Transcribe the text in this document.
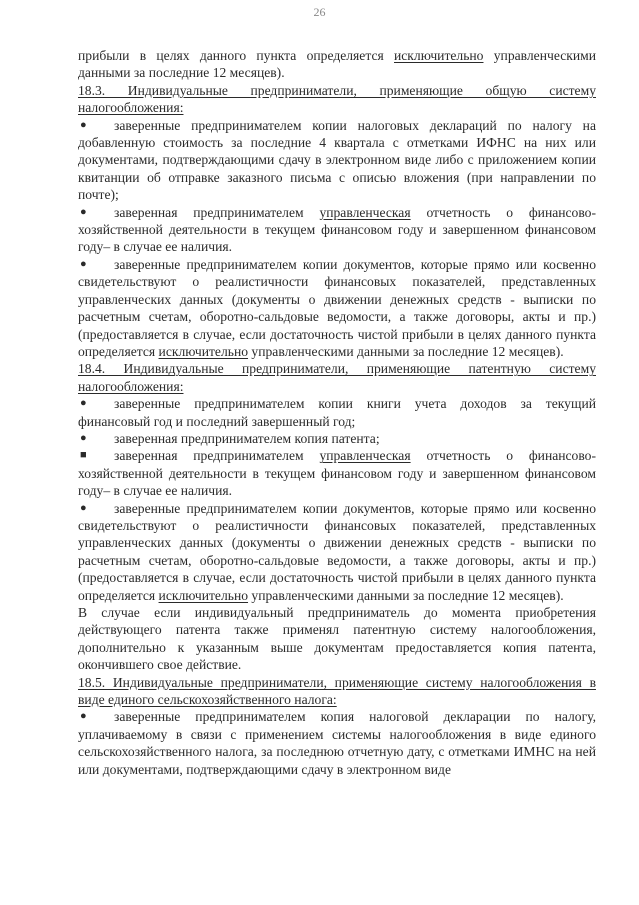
26

прибыли в целях данного пункта определяется исключительно управленческими данными за последние 12 месяцев).

18.3. Индивидуальные предприниматели, применяющие общую систему налогообложения:

● заверенные предпринимателем копии налоговых деклараций по налогу на добавленную стоимость за последние 4 квартала с отметками ИФНС на них или документами, подтверждающими сдачу в электронном виде либо с приложением копии квитанции об отправке заказного письма с описью вложения (при направлении по почте);

● заверенная предпринимателем управленческая отчетность о финансово-хозяйственной деятельности в текущем финансовом году и завершенном финансовом году– в случае ее наличия.

● заверенные предпринимателем копии документов, которые прямо или косвенно свидетельствуют о реалистичности финансовых показателей, представленных управленческих данных (документы о движении денежных средств - выписки по расчетным счетам, оборотно-сальдовые ведомости, а также договоры, акты и пр.) (предоставляется в случае, если достаточность чистой прибыли в целях данного пункта определяется исключительно управленческими данными за последние 12 месяцев).

18.4. Индивидуальные предприниматели, применяющие патентную систему налогообложения:

● заверенные предпринимателем копии книги учета доходов за текущий финансовый год и последний завершенный год;

● заверенная предпринимателем копия патента;

■ заверенная предпринимателем управленческая отчетность о финансово-хозяйственной деятельности в текущем финансовом году и завершенном финансовом году– в случае ее наличия.

● заверенные предпринимателем копии документов, которые прямо или косвенно свидетельствуют о реалистичности финансовых показателей, представленных управленческих данных (документы о движении денежных средств - выписки по расчетным счетам, оборотно-сальдовые ведомости, а также договоры, акты и пр.) (предоставляется в случае, если достаточность чистой прибыли в целях данного пункта определяется исключительно управленческими данными за последние 12 месяцев).

В случае если индивидуальный предприниматель до момента приобретения действующего патента также применял патентную систему налогообложения, дополнительно к указанным выше документам предоставляется копия патента, окончившего свое действие.

18.5. Индивидуальные предприниматели, применяющие систему налогообложения в виде единого сельскохозяйственного налога:

● заверенные предпринимателем копия налоговой декларации по налогу, уплачиваемому в связи с применением системы налогообложения в виде единого сельскохозяйственного налога, за последнюю отчетную дату, с отметками ИМНС на ней или документами, подтверждающими сдачу в электронном виде
